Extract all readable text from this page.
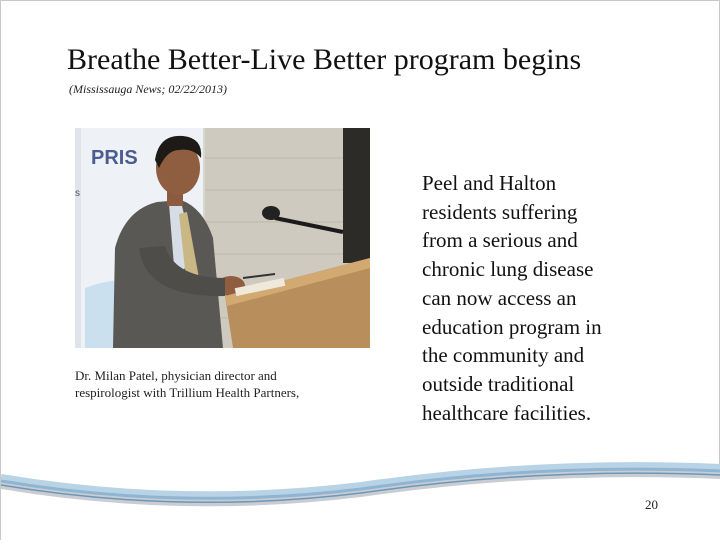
Breathe Better-Live Better program begins
(Mississauga News; 02/22/2013)
PRIS
s
Dr. Milan Patel, physician director and
respirologist with Trillium Health Partners,
Peel and Halton
residents suffering
from a serious and
chronic lung disease
can now access an
education program in
the community and
outside traditional
healthcare facilities.
20
